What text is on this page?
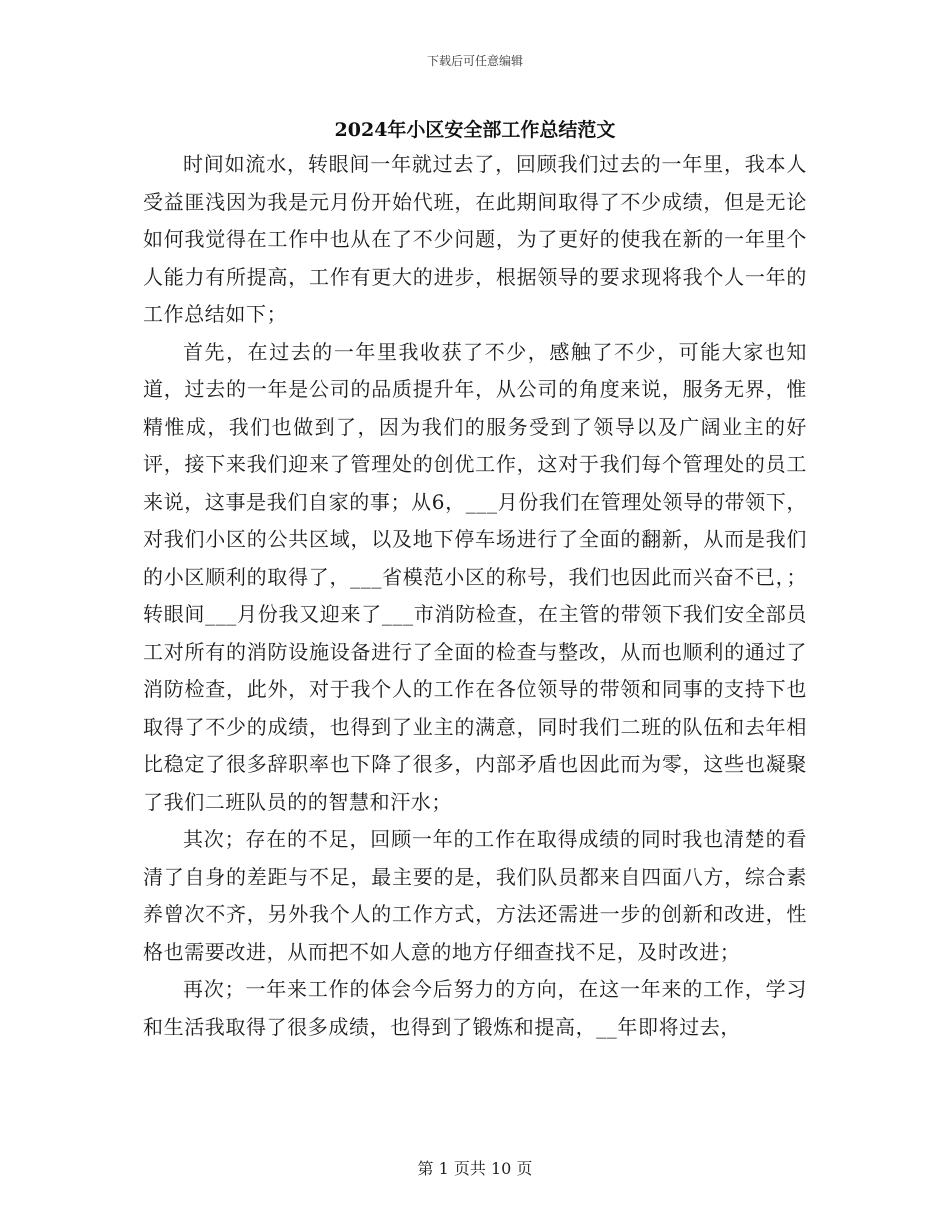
下载后可任意编辑
2024年小区安全部工作总结范文

时间如流水，转眼间一年就过去了，回顾我们过去的一年里，我本人受益匪浅因为我是元月份开始代班，在此期间取得了不少成绩，但是无论如何我觉得在工作中也从在了不少问题，为了更好的使我在新的一年里个人能力有所提高，工作有更大的进步，根据领导的要求现将我个人一年的工作总结如下；

首先，在过去的一年里我收获了不少，感触了不少，可能大家也知道，过去的一年是公司的品质提升年，从公司的角度来说，服务无界，惟精惟成，我们也做到了，因为我们的服务受到了领导以及广阔业主的好评，接下来我们迎来了管理处的创优工作，这对于我们每个管理处的员工来说，这事是我们自家的事；从6，___月份我们在管理处领导的带领下，对我们小区的公共区域，以及地下停车场进行了全面的翻新，从而是我们的小区顺利的取得了，___省模范小区的称号，我们也因此而兴奋不已，；转眼间___月份我又迎来了___市消防检查，在主管的带领下我们安全部员工对所有的消防设施设备进行了全面的检查与整改，从而也顺利的通过了消防检查，此外，对于我个人的工作在各位领导的带领和同事的支持下也取得了不少的成绩，也得到了业主的满意，同时我们二班的队伍和去年相比稳定了很多辞职率也下降了很多，内部矛盾也因此而为零，这些也凝聚了我们二班队员的的智慧和汗水；

其次；存在的不足，回顾一年的工作在取得成绩的同时我也清楚的看清了自身的差距与不足，最主要的是，我们队员都来自四面八方，综合素养曾次不齐，另外我个人的工作方式，方法还需进一步的创新和改进，性格也需要改进，从而把不如人意的地方仔细查找不足，及时改进；

再次；一年来工作的体会今后努力的方向，在这一年来的工作，学习和生活我取得了很多成绩，也得到了锻炼和提高，__年即将过去，

第 1 页共 10 页
